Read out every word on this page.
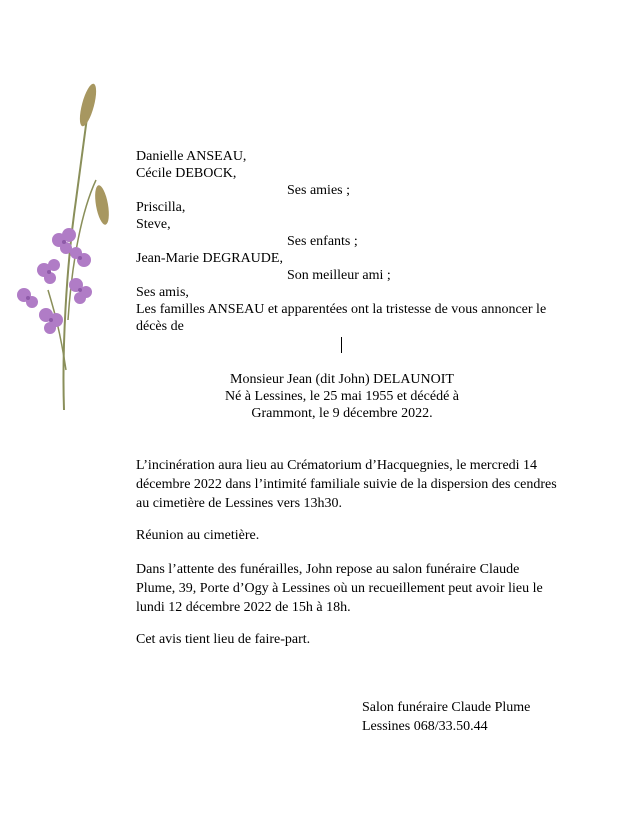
Danielle ANSEAU,
Cécile DEBOCK,
Ses amies ;
Priscilla,
Steve,
Ses enfants ;
Jean-Marie DEGRAUDE,
Son meilleur ami ;
Ses amis,
Les familles ANSEAU et apparentées ont la tristesse de vous annoncer le
décès de
Monsieur Jean (dit John) DELAUNOIT
Né à Lessines, le 25 mai 1955 et décédé à
Grammont, le 9 décembre 2022.
L’incinération aura lieu au Crématorium d’Hacquegnies, le mercredi 14
décembre 2022 dans l’intimité familiale suivie de la dispersion des cendres
au cimetière de Lessines vers 13h30.
Réunion au cimetière.
Dans l’attente des funérailles, John repose au salon funéraire Claude
Plume, 39, Porte d’Ogy à Lessines où un recueillement peut avoir lieu le
lundi 12 décembre 2022 de 15h à 18h.
Cet avis tient lieu de faire-part.
Salon funéraire Claude Plume
Lessines 068/33.50.44
